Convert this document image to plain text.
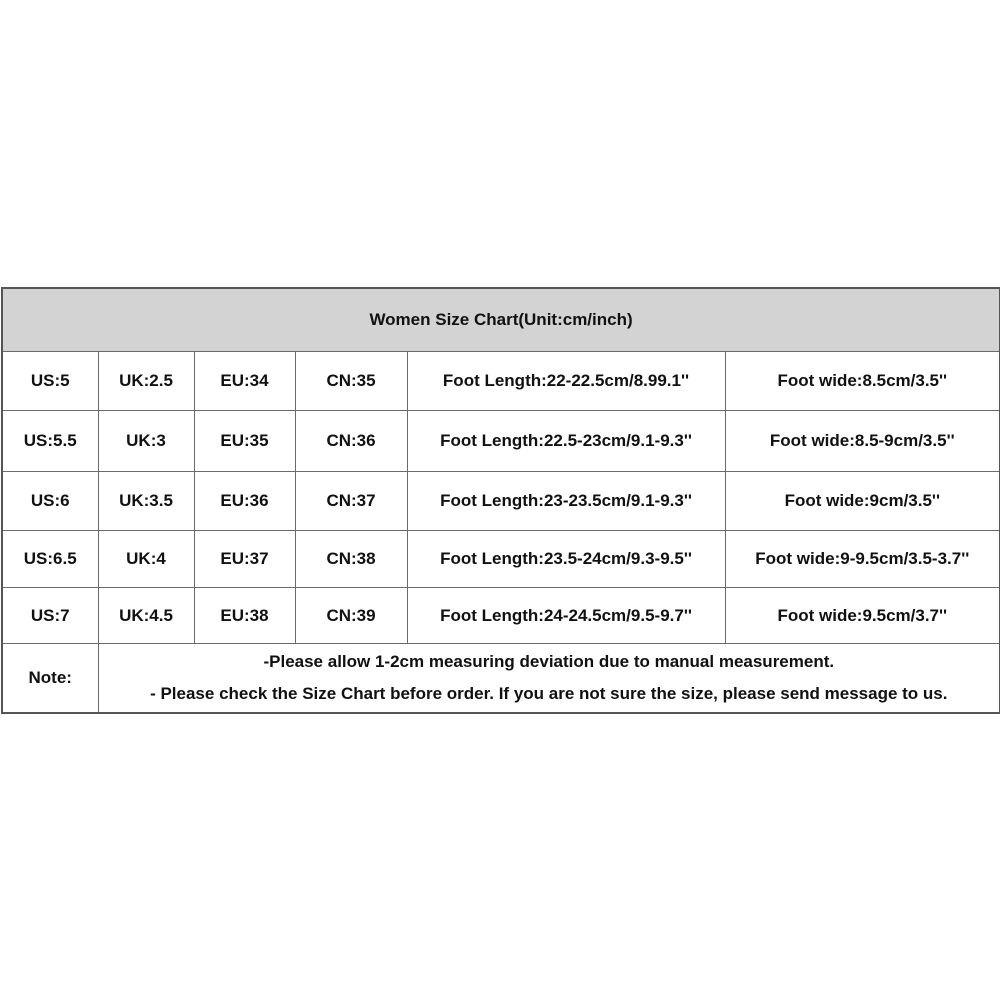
Women Size Chart(Unit:cm/inch)					
US:5	UK:2.5	EU:34	CN:35	Foot Length:22-22.5cm/8.99.1''	Foot wide:8.5cm/3.5''
US:5.5	UK:3	EU:35	CN:36	Foot Length:22.5-23cm/9.1-9.3''	Foot wide:8.5-9cm/3.5''
US:6	UK:3.5	EU:36	CN:37	Foot Length:23-23.5cm/9.1-9.3''	Foot wide:9cm/3.5''
US:6.5	UK:4	EU:37	CN:38	Foot Length:23.5-24cm/9.3-9.5''	Foot wide:9-9.5cm/3.5-3.7''
US:7	UK:4.5	EU:38	CN:39	Foot Length:24-24.5cm/9.5-9.7''	Foot wide:9.5cm/3.7''
Note:	-Please allow 1-2cm measuring deviation due to manual measurement.
- Please check the Size Chart before order. If you are not sure the size, please send message to us.				
